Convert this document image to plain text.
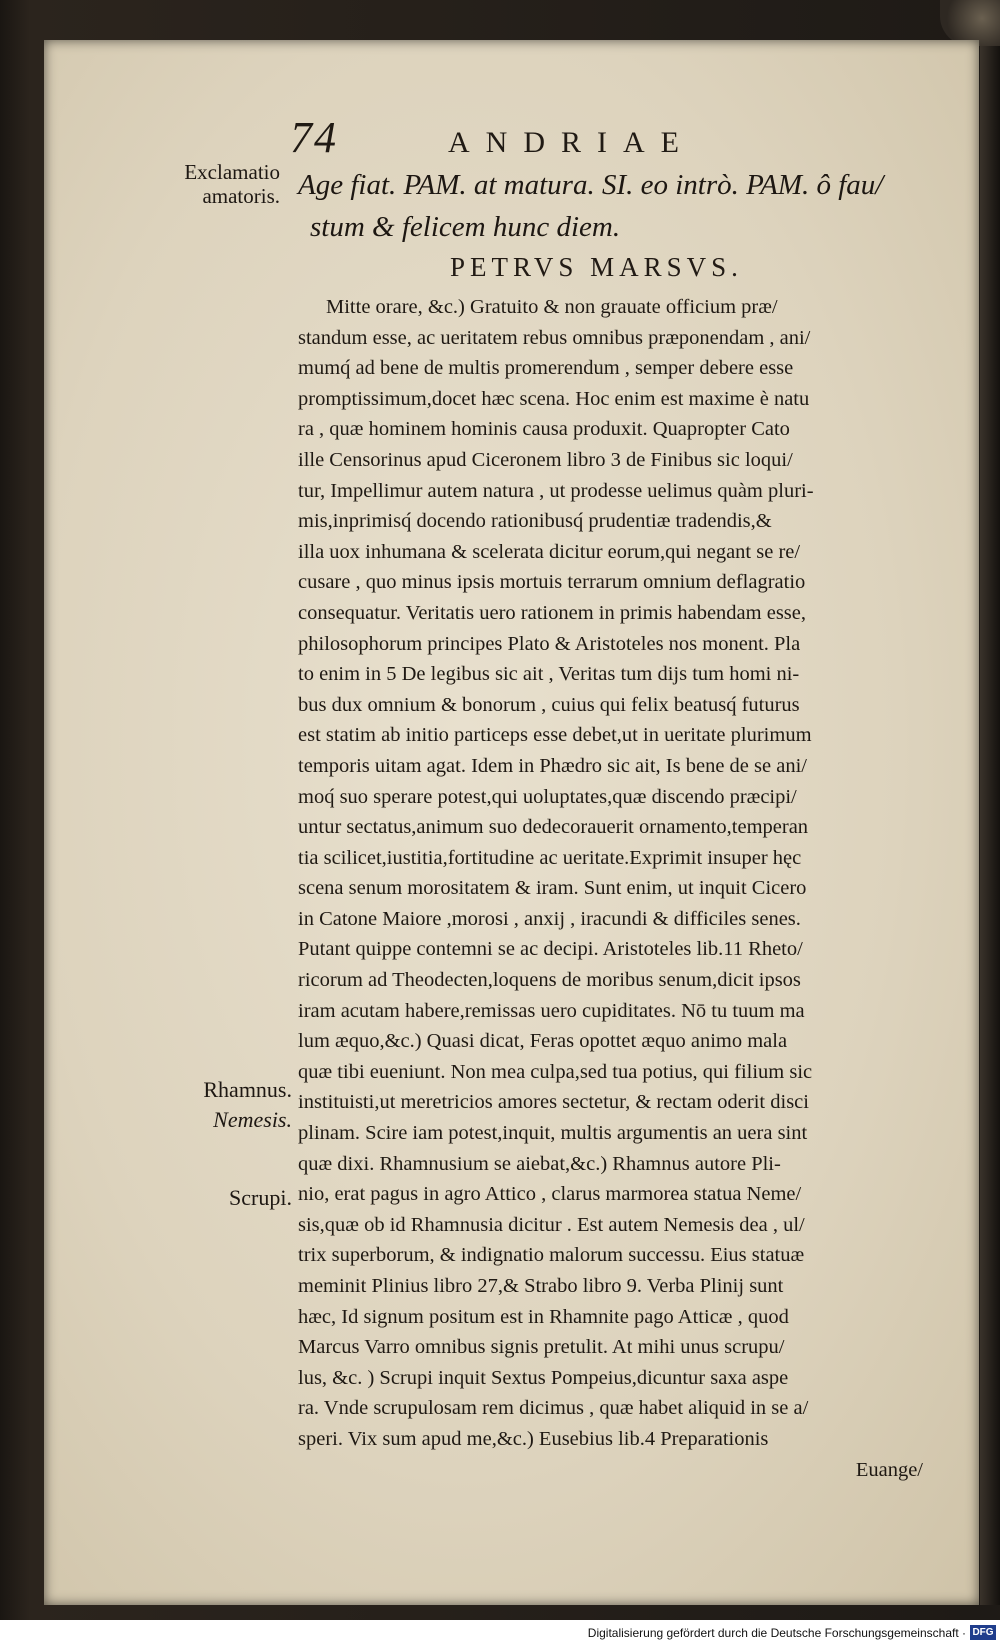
74	ANDRIAE
Exclamatio
amatoris. Age fiat. PAM. at matura. SI. eo intrò. PAM. ô fau/
stum & felicem hunc diem.
PETRVS MARSVS.
Mitte orare, &c.) Gratuito & non grauate officium præ/
standum esse, ac ueritatem rebus omnibus præponendam , ani/
mumq́ ad bene de multis promerendum , semper debere esse
promptissimum,docet hæc scena. Hoc enim est maxime è natu
ra , quæ hominem hominis causa produxit. Quapropter Cato
ille Censorinus apud Ciceronem libro 3 de Finibus sic loqui/
tur, Impellimur autem natura , ut prodesse uelimus quàm pluri-
mis,inprimisq́ docendo rationibusq́ prudentiæ tradendis,&
illa uox inhumana & scelerata dicitur eorum,qui negant se re/
cusare , quo minus ipsis mortuis terrarum omnium deflagratio
consequatur. Veritatis uero rationem in primis habendam esse,
philosophorum principes Plato & Aristoteles nos monent. Pla
to enim in 5 De legibus sic ait , Veritas tum dijs tum homi ni-
bus dux omnium & bonorum , cuius qui felix beatusq́ futurus
est statim ab initio particeps esse debet,ut in ueritate plurimum
temporis uitam agat. Idem in Phædro sic ait, Is bene de se ani/
moq́ suo sperare potest,qui uoluptates,quæ discendo præcipi/
untur sectatus,animum suo dedecorauerit ornamento,temperan
tia scilicet,iustitia,fortitudine ac ueritate.Exprimit insuper hęc
scena senum morositatem & iram. Sunt enim, ut inquit Cicero
in Catone Maiore ,morosi , anxij , iracundi & difficiles senes.
Putant quippe contemni se ac decipi. Aristoteles lib.11 Rheto/
ricorum ad Theodecten,loquens de moribus senum,dicit ipsos
iram acutam habere,remissas uero cupiditates. Nō tu tuum ma
lum æquo,&c.) Quasi dicat, Feras opottet æquo animo mala
quæ tibi eueniunt. Non mea culpa,sed tua potius, qui filium sic
instituisti,ut meretricios amores sectetur, & rectam oderit disci
plinam. Scire iam potest,inquit, multis argumentis an uera sint
quæ dixi. Rhamnusium se aiebat,&c.) Rhamnus autore Pli-
nio, erat pagus in agro Attico , clarus marmorea statua Neme/
sis,quæ ob id Rhamnusia dicitur . Est autem Nemesis dea , ul/
trix superborum, & indignatio malorum successu. Eius statuæ
meminit Plinius libro 27,& Strabo libro 9. Verba Plinij sunt
hæc, Id signum positum est in Rhamnite pago Atticæ , quod
Marcus Varro omnibus signis pretulit. At mihi unus scrupu/
lus, &c. ) Scrupi inquit Sextus Pompeius,dicuntur saxa aspe
ra. Vnde scrupulosam rem dicimus , quæ habet aliquid in se a/
speri. Vix sum apud me,&c.) Eusebius lib.4 Preparationis
Euange/
Rhamnus.
Nemesis.
Scrupi.
Digitalisierung gefördert durch die Deutsche Forschungsgemeinschaft · DFG
